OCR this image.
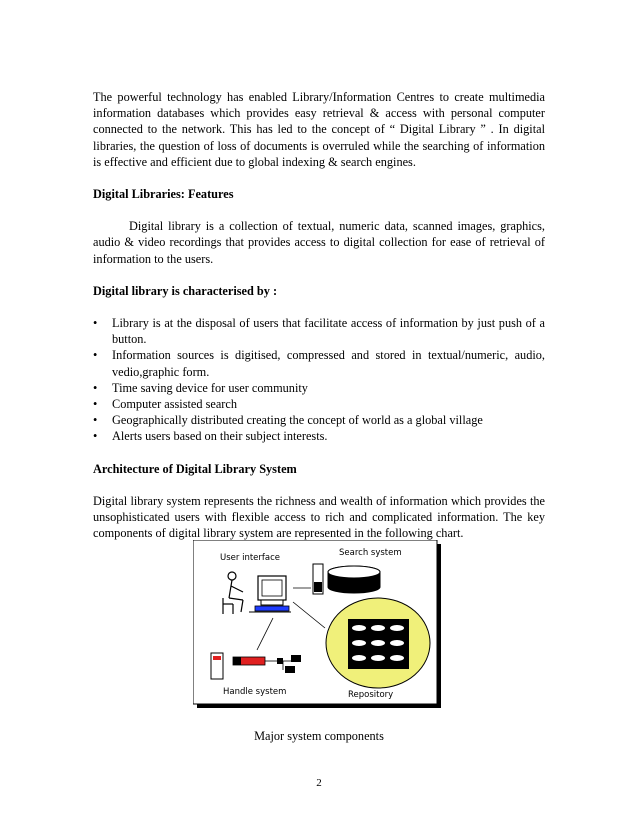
The powerful technology has enabled Library/Information Centres to create multimedia information databases which provides easy retrieval & access with personal computer connected to the network. This has led to the concept of “ Digital Library ” . In digital libraries, the question of loss of documents is overruled while the searching of information is effective and efficient due to global indexing & search engines.

Digital Libraries: Features

Digital library is a collection of textual, numeric data, scanned images, graphics, audio & video recordings that provides access to digital collection for ease of retrieval of information to the users.

Digital library is characterised by :
•	Library is at the disposal of users that facilitate access of information by just push of a button.
•	Information sources is digitised, compressed and stored in textual/numeric, audio, vedio,graphic form.
•	Time saving device for user community
•	Computer assisted search
•	Geographically distributed creating the concept of world as a global village
•	Alerts users based on their subject interests.
Architecture of Digital Library System

Digital library system represents the richness and wealth of information which provides the unsophisticated users with flexible access to rich and complicated information. The key components of digital library system are represented in the following chart.

User interface	Search system
Handle system	Repository
Major system components
2
